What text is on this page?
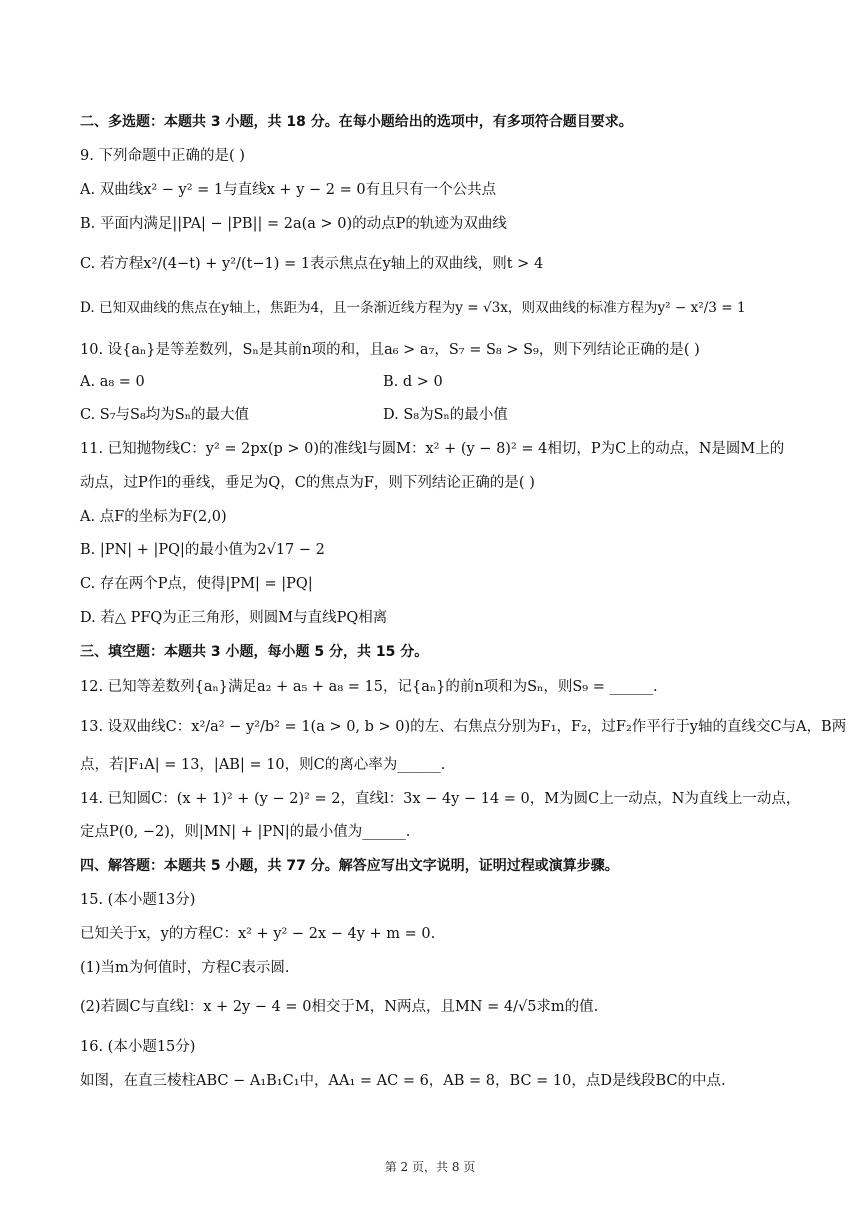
二、多选题：本题共 3 小题，共 18 分。在每小题给出的选项中，有多项符合题目要求。
9. 下列命题中正确的是( )
A. 双曲线x² − y² = 1与直线x + y − 2 = 0有且只有一个公共点
B. 平面内满足||PA| − |PB|| = 2a(a > 0)的动点P的轨迹为双曲线
C. 若方程x²/(4−t) + y²/(t−1) = 1表示焦点在y轴上的双曲线，则t > 4
D. 已知双曲线的焦点在y轴上，焦距为4，且一条渐近线方程为y = √3x，则双曲线的标准方程为y² − x²/3 = 1
10. 设{aₙ}是等差数列，Sₙ是其前n项的和，且a₆ > a₇，S₇ = S₈ > S₉，则下列结论正确的是( )
A. a₈ = 0	B. d > 0
C. S₇与S₈均为Sₙ的最大值	D. S₈为Sₙ的最小值
11. 已知抛物线C：y² = 2px(p > 0)的准线l与圆M：x² + (y − 8)² = 4相切，P为C上的动点，N是圆M上的
动点，过P作l的垂线，垂足为Q，C的焦点为F，则下列结论正确的是( )
A. 点F的坐标为F(2,0)
B. |PN| + |PQ|的最小值为2√17 − 2
C. 存在两个P点，使得|PM| = |PQ|
D. 若△ PFQ为正三角形，则圆M与直线PQ相离
三、填空题：本题共 3 小题，每小题 5 分，共 15 分。
12. 已知等差数列{aₙ}满足a₂ + a₅ + a₈ = 15，记{aₙ}的前n项和为Sₙ，则S₉ = ______.
13. 设双曲线C：x²/a² − y²/b² = 1(a > 0, b > 0)的左、右焦点分别为F₁，F₂，过F₂作平行于y轴的直线交C与A，B两
点，若|F₁A| = 13，|AB| = 10，则C的离心率为______.
14. 已知圆C：(x + 1)² + (y − 2)² = 2，直线l：3x − 4y − 14 = 0，M为圆C上一动点，N为直线上一动点，
定点P(0, −2)，则|MN| + |PN|的最小值为______.
四、解答题：本题共 5 小题，共 77 分。解答应写出文字说明，证明过程或演算步骤。
15. (本小题13分)
已知关于x，y的方程C：x² + y² − 2x − 4y + m = 0.
(1)当m为何值时，方程C表示圆.
(2)若圆C与直线l：x + 2y − 4 = 0相交于M，N两点，且MN = 4/√5求m的值.
16. (本小题15分)
如图，在直三棱柱ABC − A₁B₁C₁中，AA₁ = AC = 6，AB = 8，BC = 10，点D是线段BC的中点.
第 2 页，共 8 页
